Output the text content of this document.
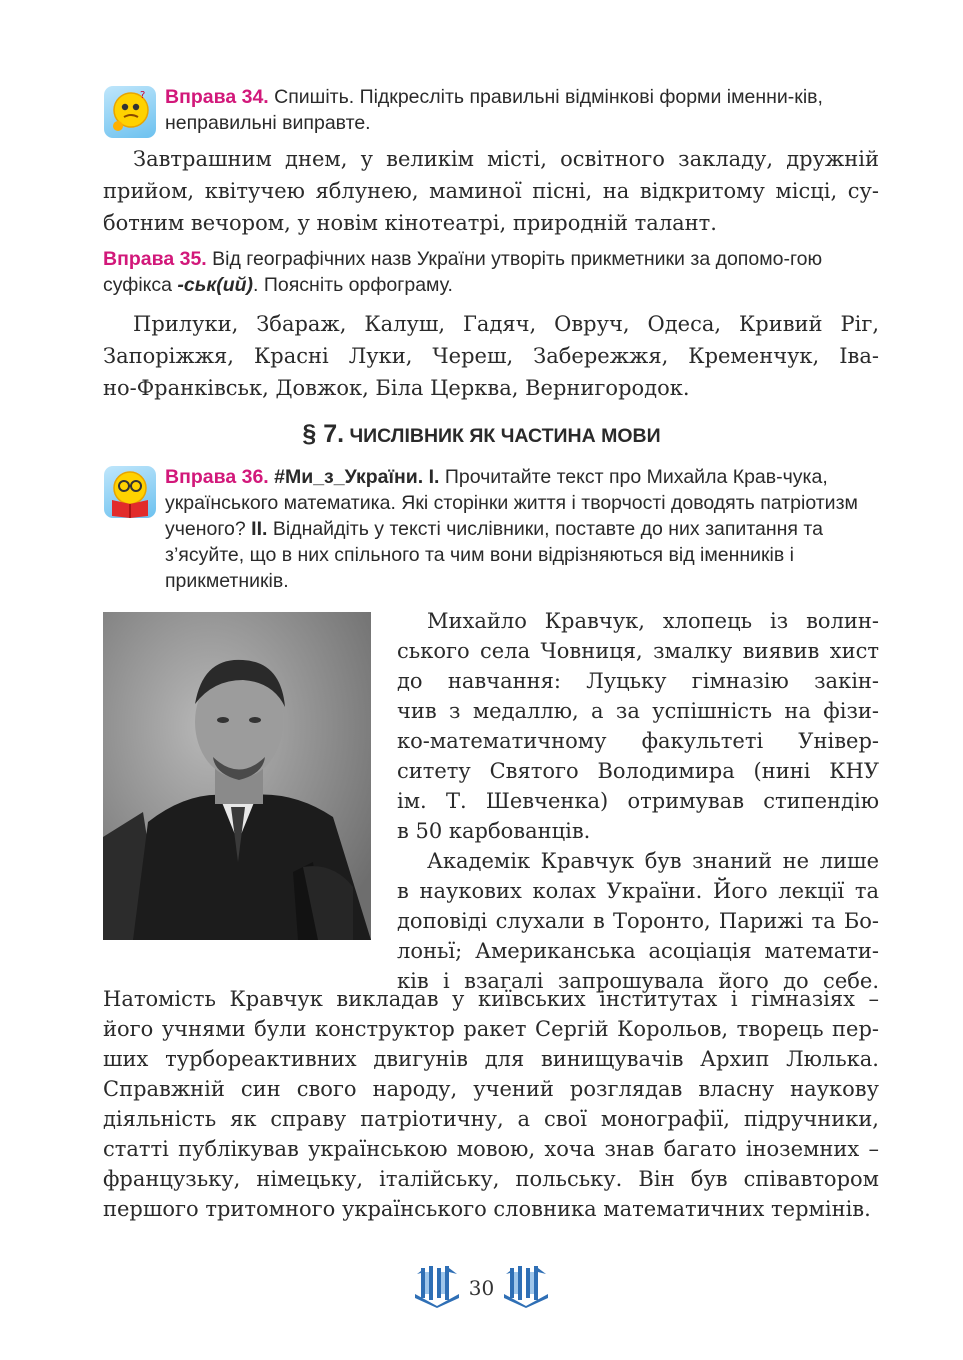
? Вправа 34. Спишіть. Підкресліть правильні відмінкові форми іменни-ків, неправильні виправте.

Завтрашним днем, у великім місті, освітного закладу, дружній

прийом, квітучею яблунею, маминої пісні, на відкритому місці, су-

ботним вечором, у новім кінотеатрі, природній талант.

Вправа 35. Від географічних назв України утворіть прикметники за допомо-гою суфікса -ськ(ий). Поясніть орфограму.

Прилуки, Збараж, Калуш, Гадяч, Овруч, Одеса, Кривий Ріг,

Запоріжжя, Красні Луки, Череш, Забережжя, Кременчук, Іва-

но-Франківськ, Довжок, Біла Церква, Вернигородок.

§ 7. ЧИСЛІВНИК ЯК ЧАСТИНА МОВИ
Вправа 36. #Ми_з_України. І. Прочитайте текст про Михайла Крав-чука, українського математика. Які сторінки життя і творчості доводять патріотизм ученого? II. Віднайдіть у тексті числівники, поставте до них запитання та з’ясуйте, що в них спільного та чим вони відрізняються від іменників і прикметників.

Михайло Кравчук, хлопець із волин-

ського села Човниця, змалку виявив хист

до навчання: Луцьку гімназію закін-

чив з медаллю, а за успішність на фізи-

ко-математичному факультеті Універ-

ситету Святого Володимира (нині КНУ

ім. Т. Шевченка) отримував стипендію

в 50 карбованців.

Академік Кравчук був знаний не лише

в наукових колах України. Його лекції та

доповіді слухали в Торонто, Парижі та Бо-

лоньї; Американська асоціація математи-

ків і взагалі запрошувала його до себе.

Натомість Кравчук викладав у київських інститутах і гімназіях –

його учнями були конструктор ракет Сергій Корольов, творець пер-

ших турбореактивних двигунів для винищувачів Архип Люлька.

Справжній син свого народу, учений розглядав власну наукову

діяльність як справу патріотичну, а свої монографії, підручники,

статті публікував українською мовою, хоча знав багато іноземних –

французьку, німецьку, італійську, польську. Він був співавтором

першого тритомного українського словника математичних термінів.

30
